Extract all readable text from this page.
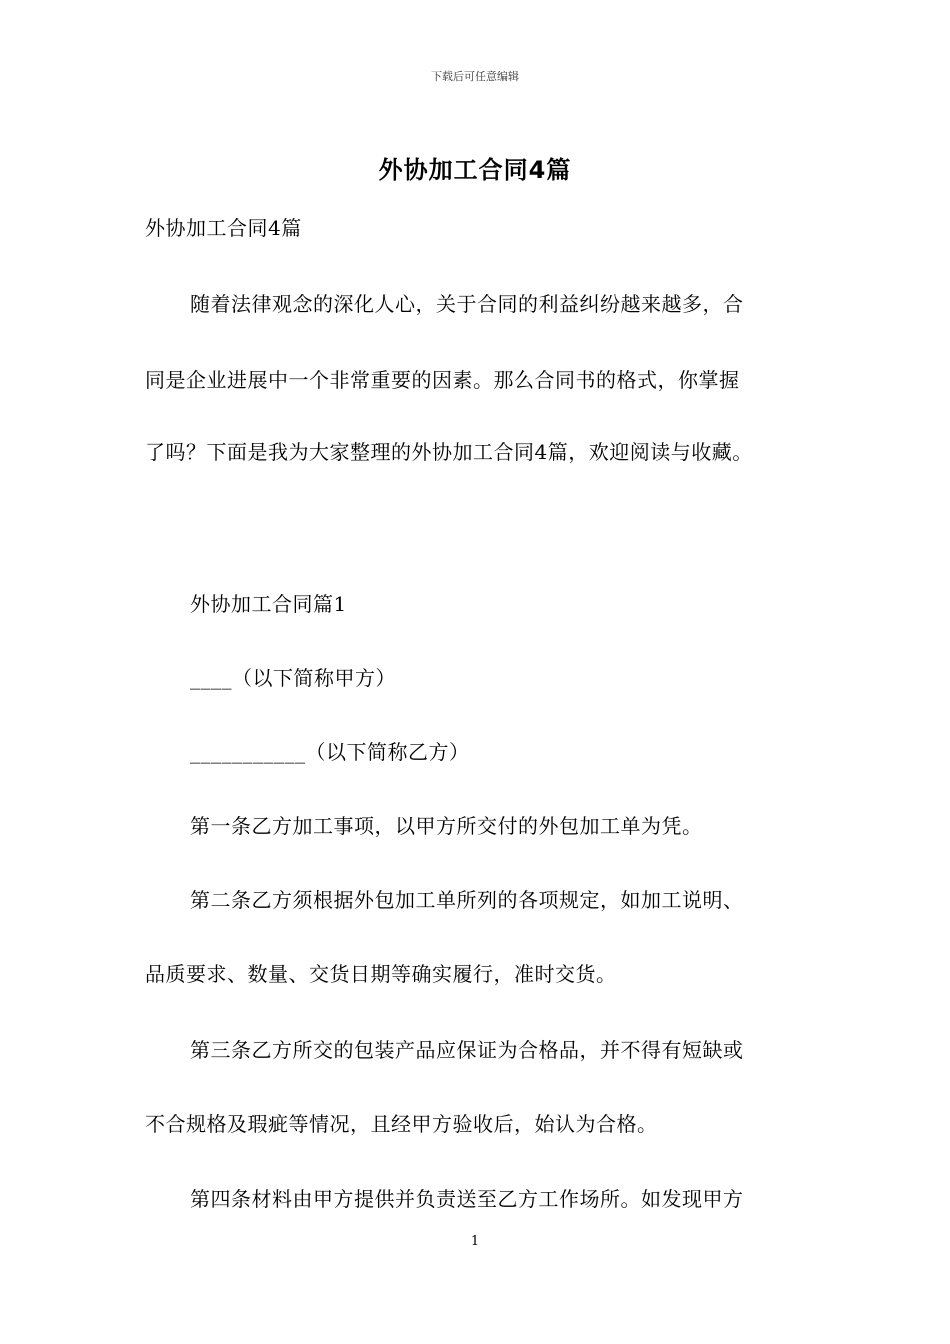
下载后可任意编辑
外协加工合同4篇
外协加工合同4篇
随着法律观念的深化人心，关于合同的利益纠纷越来越多，合
同是企业进展中一个非常重要的因素。那么合同书的格式，你掌握
了吗？下面是我为大家整理的外协加工合同4篇，欢迎阅读与收藏。
外协加工合同篇1
____（以下简称甲方）
___________（以下简称乙方）
第一条乙方加工事项，以甲方所交付的外包加工单为凭。
第二条乙方须根据外包加工单所列的各项规定，如加工说明、
品质要求、数量、交货日期等确实履行，准时交货。
第三条乙方所交的包装产品应保证为合格品，并不得有短缺或
不合规格及瑕疵等情况，且经甲方验收后，始认为合格。
第四条材料由甲方提供并负责送至乙方工作场所。如发现甲方
1
